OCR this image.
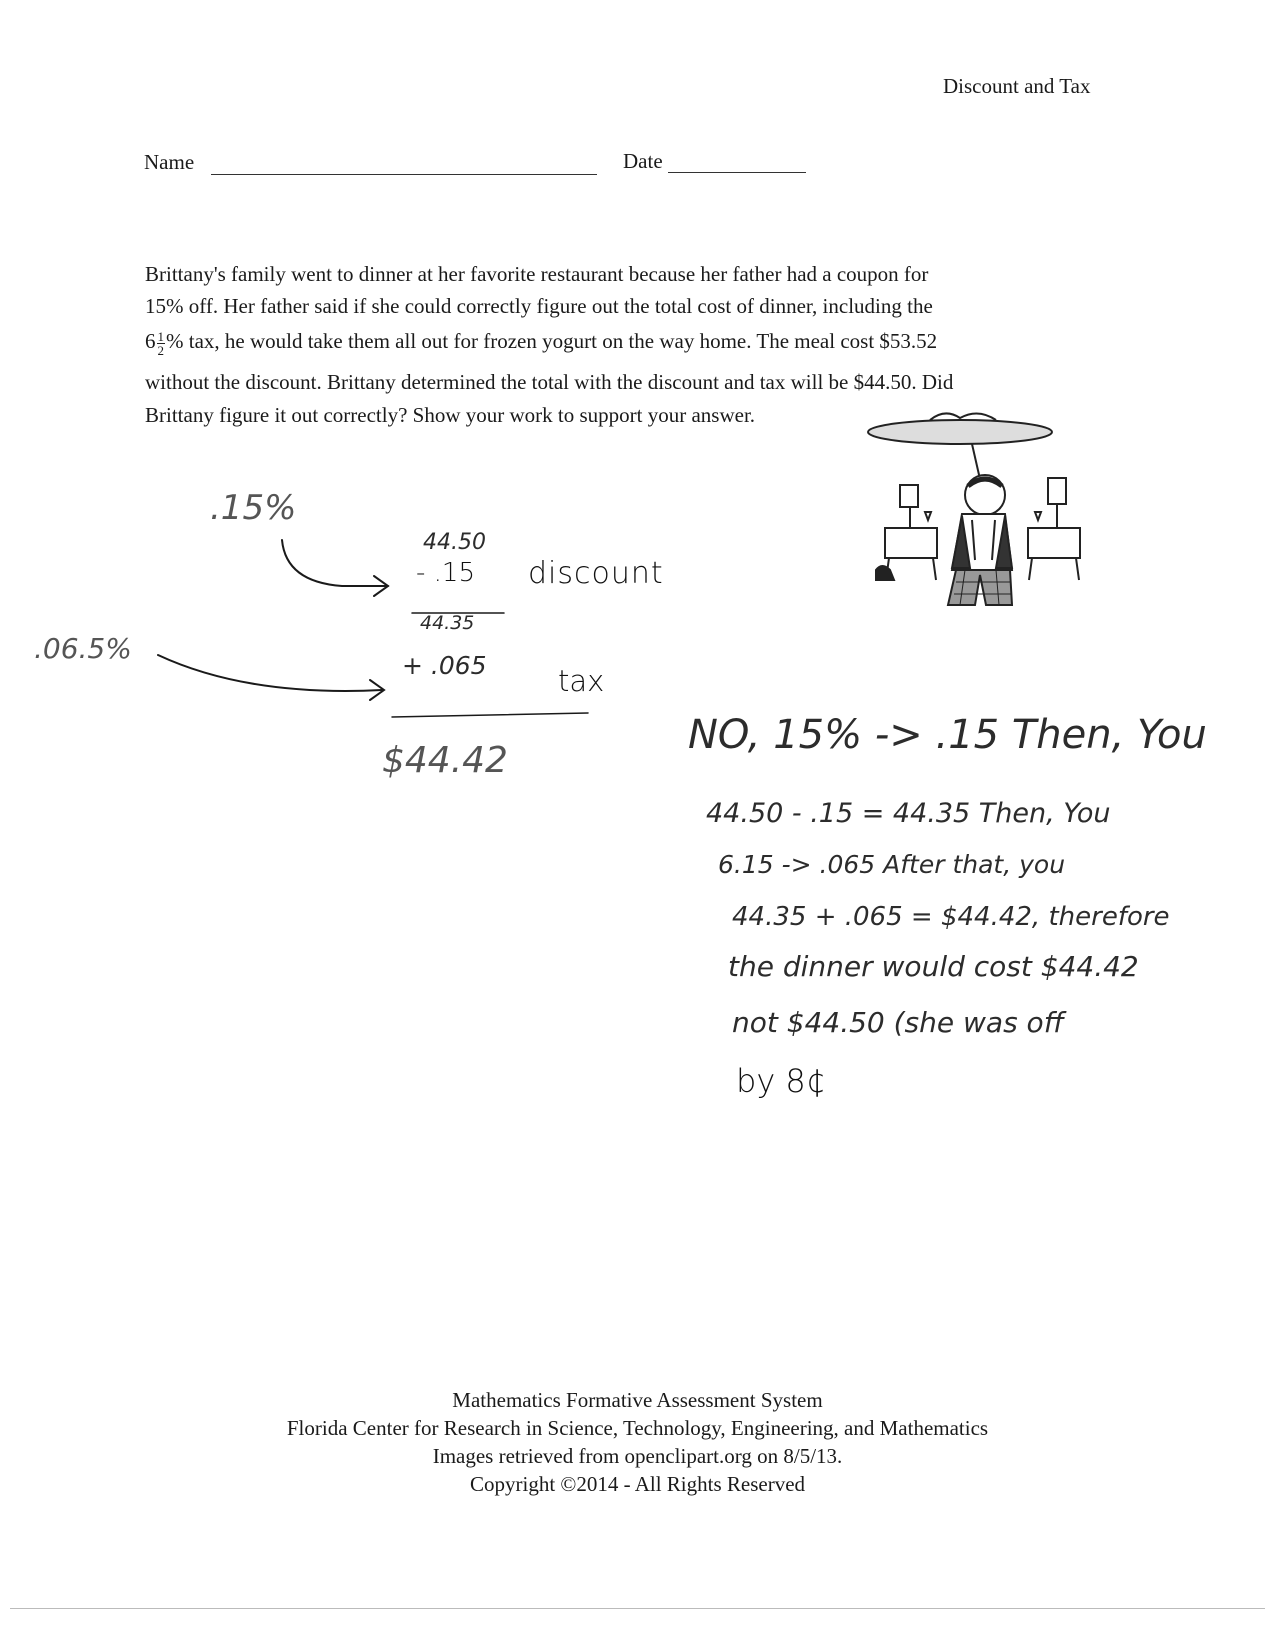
Discount and Tax
Name	Date
Brittany's family went to dinner at her favorite restaurant because her father had a coupon for
15% off. Her father said if she could correctly figure out the total cost of dinner, including the
$6 \frac{1}{2}$ % tax, he would take them all out for frozen yogurt on the way home. The meal cost $53.52
without the discount. Brittany determined the total with the discount and tax will be $44.50. Did
Brittany figure it out correctly? Show your work to support your answer.
.15%
.06.5%
44.50
- .15 discount
44.35
+ .065 tax
$44.42
NO, 15% -> .15 Then, You
44.50 - .15 = 44.35 Then, You
6.15 -> .065 After that, you
44.35 + .065 = $44.42, therefore
the dinner would cost $44.42
not $44.50 (she was off
by 8¢
Mathematics Formative Assessment System
Florida Center for Research in Science, Technology, Engineering, and Mathematics
Images retrieved from openclipart.org on 8/5/13.
Copyright ©2014 - All Rights Reserved
